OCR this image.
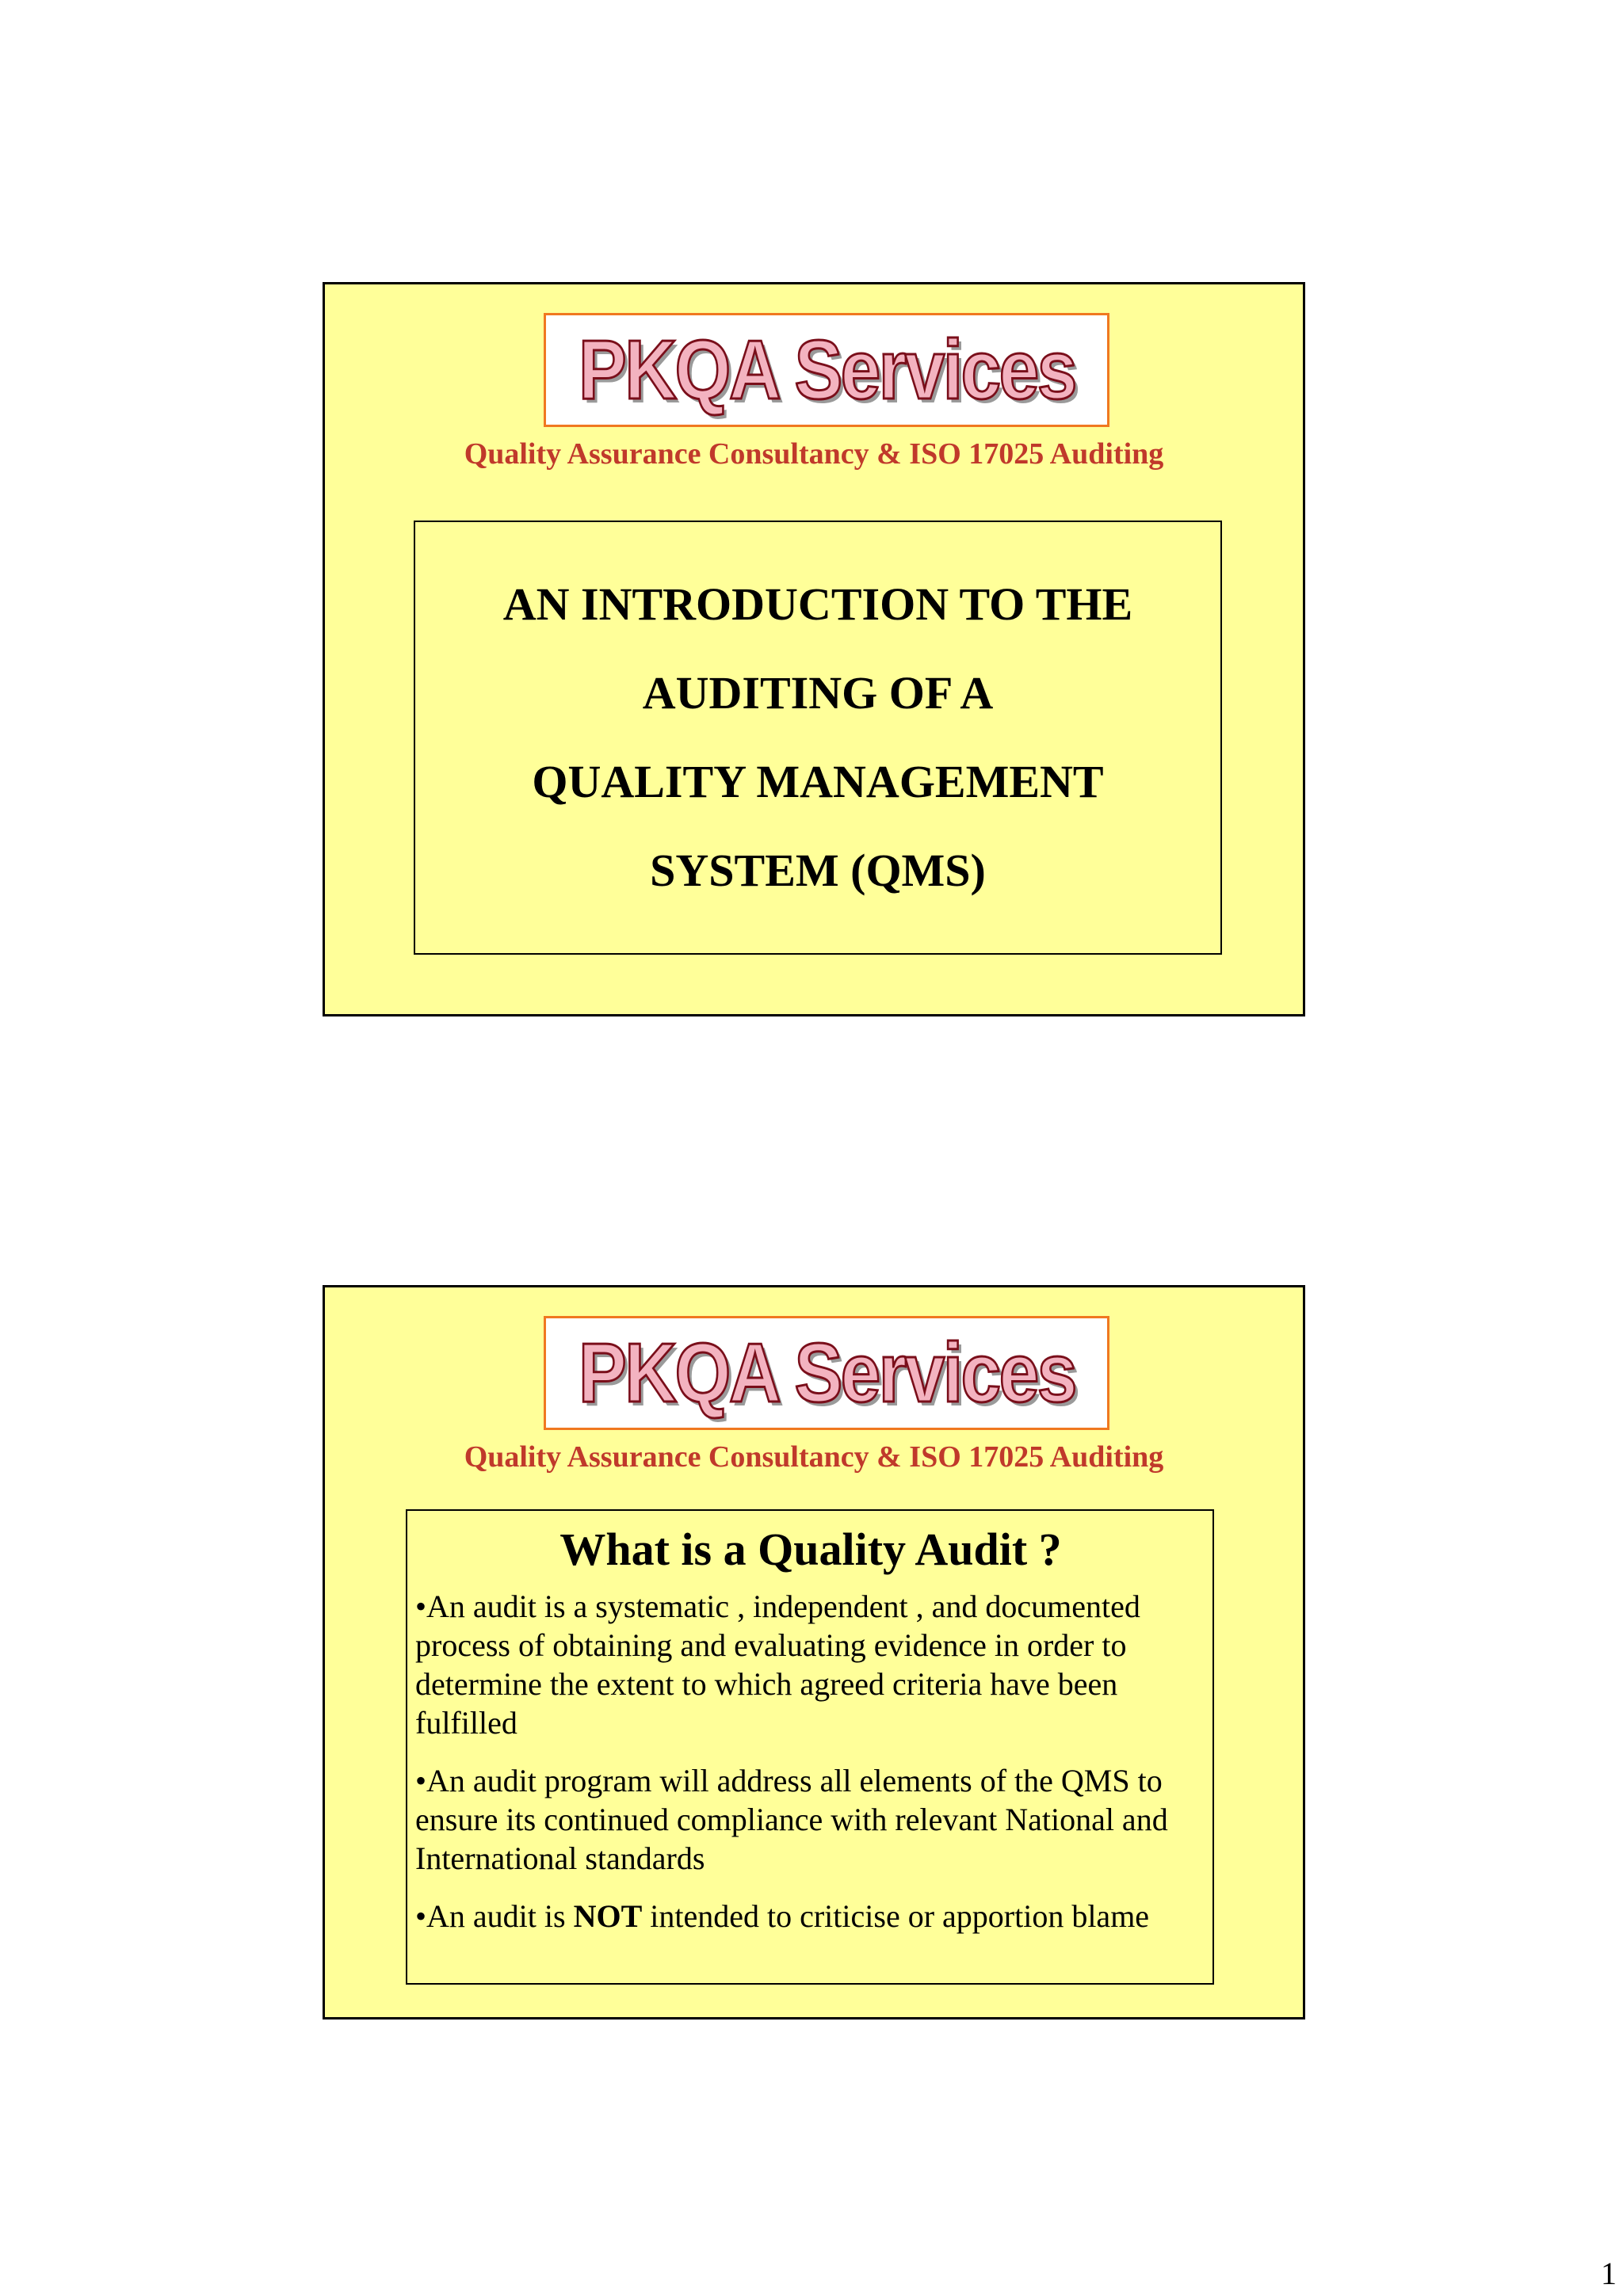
PKQA Services
Quality Assurance Consultancy & ISO 17025 Auditing
AN INTRODUCTION TO THE
AUDITING OF A
QUALITY MANAGEMENT
SYSTEM (QMS)
PKQA Services
Quality Assurance Consultancy & ISO 17025 Auditing
What is a Quality Audit ?
•An audit is a systematic , independent , and documented process of obtaining and evaluating evidence in order to determine the extent to which agreed criteria have been fulfilled
•An audit program will address all elements of the QMS to ensure its continued compliance with relevant National and International standards
•An audit is NOT intended to criticise or apportion blame
1
